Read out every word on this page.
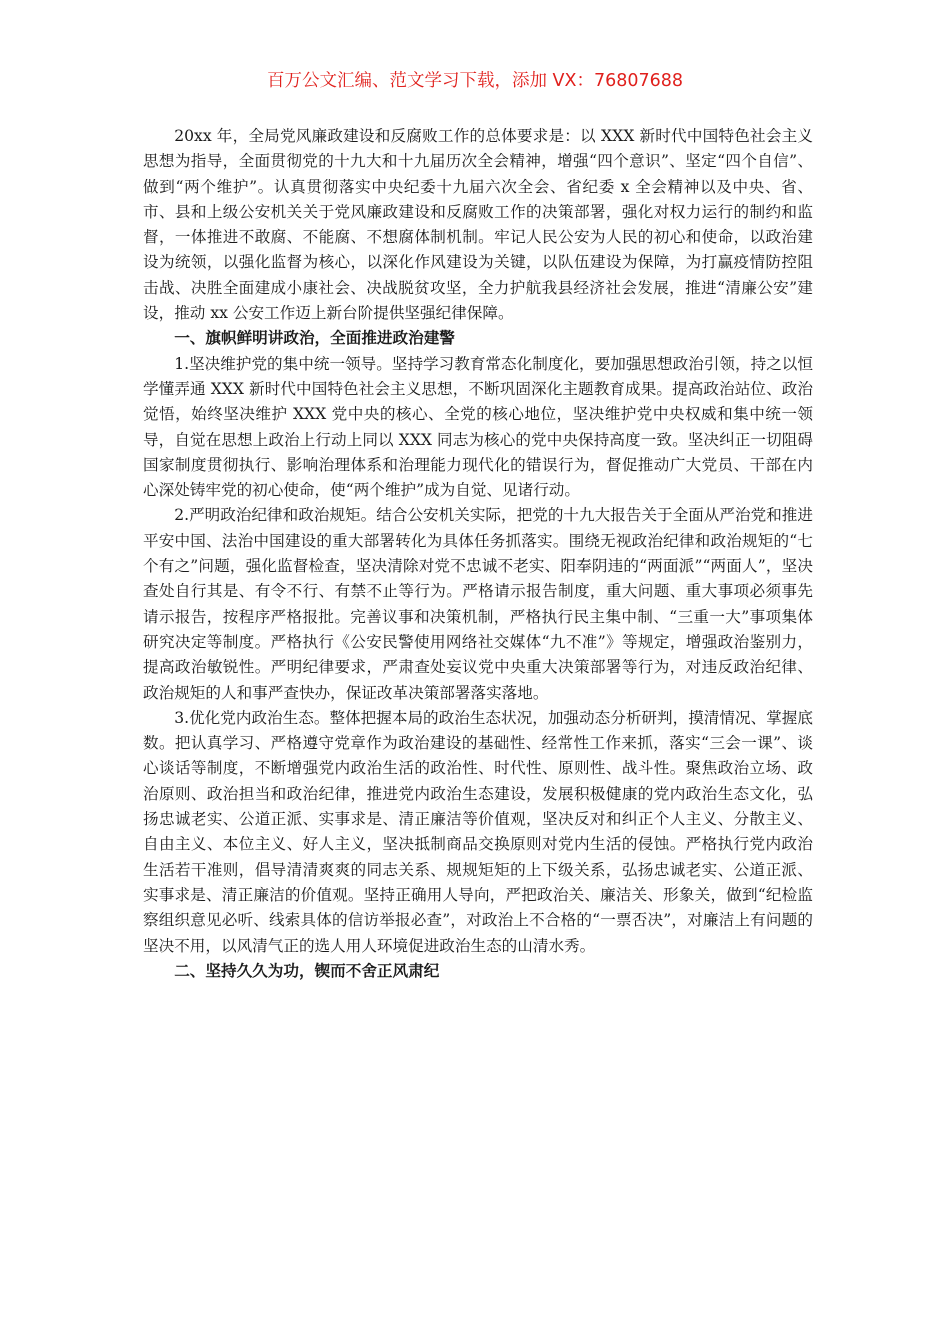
百万公文汇编、范文学习下载，添加 VX：76807688

20xx 年，全局党风廉政建设和反腐败工作的总体要求是：以 XXX 新时代中国特色社会主义思想为指导，全面贯彻党的十九大和十九届历次全会精神，增强“四个意识”、坚定“四个自信”、做到“两个维护”。认真贯彻落实中央纪委十九届六次全会、省纪委 x 全会精神以及中央、省、市、县和上级公安机关关于党风廉政建设和反腐败工作的决策部署，强化对权力运行的制约和监督，一体推进不敢腐、不能腐、不想腐体制机制。牢记人民公安为人民的初心和使命，以政治建设为统领，以强化监督为核心，以深化作风建设为关键，以队伍建设为保障，为打赢疫情防控阻击战、决胜全面建成小康社会、决战脱贫攻坚，全力护航我县经济社会发展，推进“清廉公安”建设，推动 xx 公安工作迈上新台阶提供坚强纪律保障。

一、旗帜鲜明讲政治，全面推进政治建警

1.坚决维护党的集中统一领导。坚持学习教育常态化制度化，要加强思想政治引领，持之以恒学懂弄通 XXX 新时代中国特色社会主义思想，不断巩固深化主题教育成果。提高政治站位、政治觉悟，始终坚决维护 XXX 党中央的核心、全党的核心地位，坚决维护党中央权威和集中统一领导，自觉在思想上政治上行动上同以 XXX 同志为核心的党中央保持高度一致。坚决纠正一切阻碍国家制度贯彻执行、影响治理体系和治理能力现代化的错误行为，督促推动广大党员、干部在内心深处铸牢党的初心使命，使“两个维护”成为自觉、见诸行动。

2.严明政治纪律和政治规矩。结合公安机关实际，把党的十九大报告关于全面从严治党和推进平安中国、法治中国建设的重大部署转化为具体任务抓落实。围绕无视政治纪律和政治规矩的“七个有之”问题，强化监督检查，坚决清除对党不忠诚不老实、阳奉阴违的“两面派”“两面人”，坚决查处自行其是、有令不行、有禁不止等行为。严格请示报告制度，重大问题、重大事项必须事先请示报告，按程序严格报批。完善议事和决策机制，严格执行民主集中制、“三重一大”事项集体研究决定等制度。严格执行《公安民警使用网络社交媒体“九不准”》等规定，增强政治鉴别力，提高政治敏锐性。严明纪律要求，严肃查处妄议党中央重大决策部署等行为，对违反政治纪律、政治规矩的人和事严查快办，保证改革决策部署落实落地。

3.优化党内政治生态。整体把握本局的政治生态状况，加强动态分析研判，摸清情况、掌握底数。把认真学习、严格遵守党章作为政治建设的基础性、经常性工作来抓，落实“三会一课”、谈心谈话等制度，不断增强党内政治生活的政治性、时代性、原则性、战斗性。聚焦政治立场、政治原则、政治担当和政治纪律，推进党内政治生态建设，发展积极健康的党内政治生态文化，弘扬忠诚老实、公道正派、实事求是、清正廉洁等价值观，坚决反对和纠正个人主义、分散主义、自由主义、本位主义、好人主义，坚决抵制商品交换原则对党内生活的侵蚀。严格执行党内政治生活若干准则，倡导清清爽爽的同志关系、规规矩矩的上下级关系，弘扬忠诚老实、公道正派、实事求是、清正廉洁的价值观。坚持正确用人导向，严把政治关、廉洁关、形象关，做到“纪检监察组织意见必听、线索具体的信访举报必查”，对政治上不合格的“一票否决”，对廉洁上有问题的坚决不用，以风清气正的选人用人环境促进政治生态的山清水秀。

二、坚持久久为功，锲而不舍正风肃纪
